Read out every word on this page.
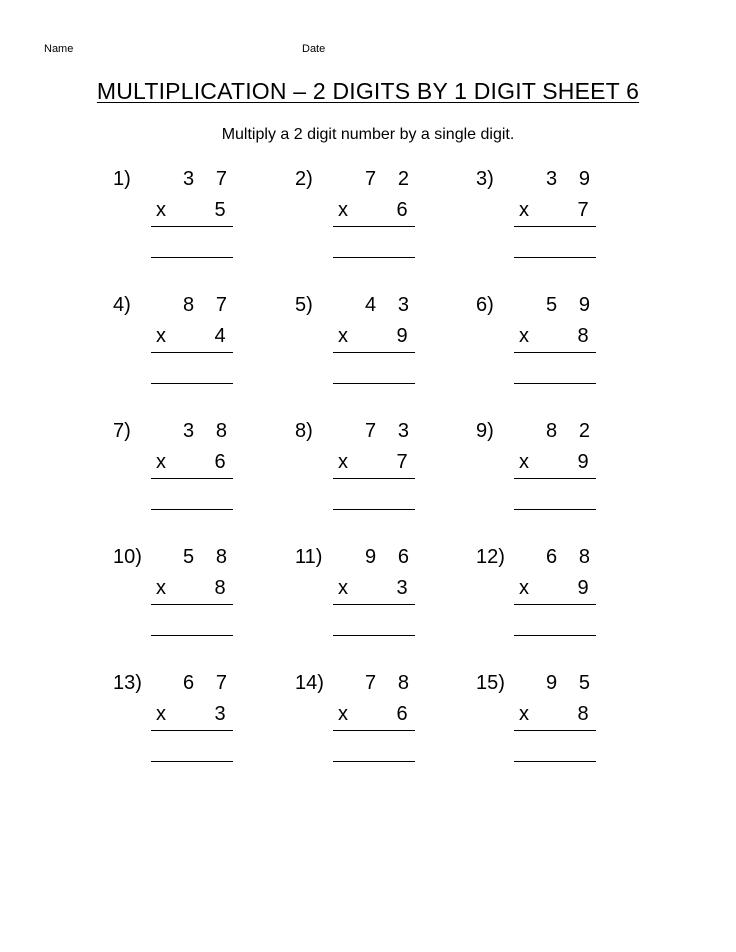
Name	Date
MULTIPLICATION – 2 DIGITS BY 1 DIGIT SHEET 6
Multiply a 2 digit number by a single digit.
1)	3 7
x 5
2)	7 2
x 6
3)	3 9
x 7
4)	8 7
x 4
5)	4 3
x 9
6)	5 9
x 8
7)	3 8
x 6
8)	7 3
x 7
9)	8 2
x 9
10) 5 8
x 8
11) 9 6
x 3
12) 6 8
x 9
13) 6 7
x 3
14) 7 8
x 6
15) 9 5
x 8
